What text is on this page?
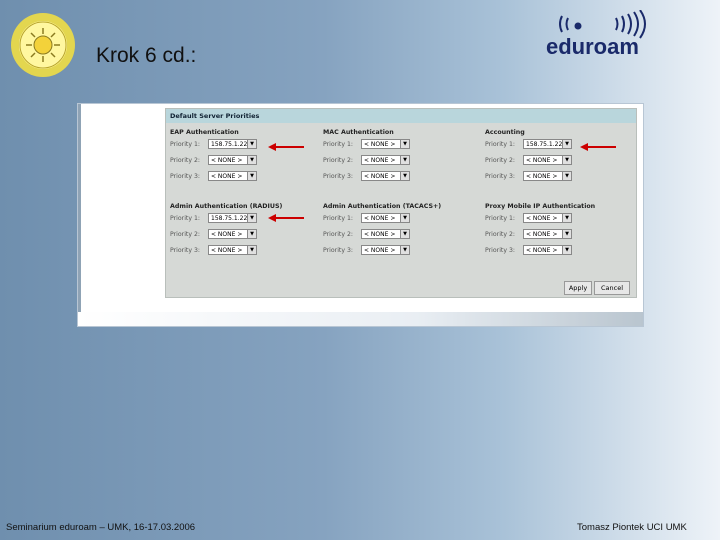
Krok 6 cd.:	eduroam
Default Server Priorities
EAP Authentication
Priority 1:	158.75.1.22 ▼
Priority 2:	< NONE >	▼
Priority 3:	< NONE >	▼
MAC Authentication
Priority 1:	< NONE >	▼
Priority 2:	< NONE >	▼
Priority 3:	< NONE >	▼
Accounting
Priority 1:	158.75.1.22 ▼
Priority 2:	< NONE >	▼
Priority 3:	< NONE >	▼
Admin Authentication (RADIUS)
Priority 1:	158.75.1.22 ▼
Priority 2:	< NONE >	▼
Priority 3:	< NONE >	▼
Admin Authentication (TACACS+)
Priority 1:	< NONE >	▼
Priority 2:	< NONE >	▼
Priority 3:	< NONE >	▼
Proxy Mobile IP Authentication
Priority 1:	< NONE >	▼
Priority 2:	< NONE >	▼
Priority 3:	< NONE >	▼
Apply	Cancel
Seminarium eduroam – UMK, 16-17.03.2006	Tomasz Piontek UCI UMK
